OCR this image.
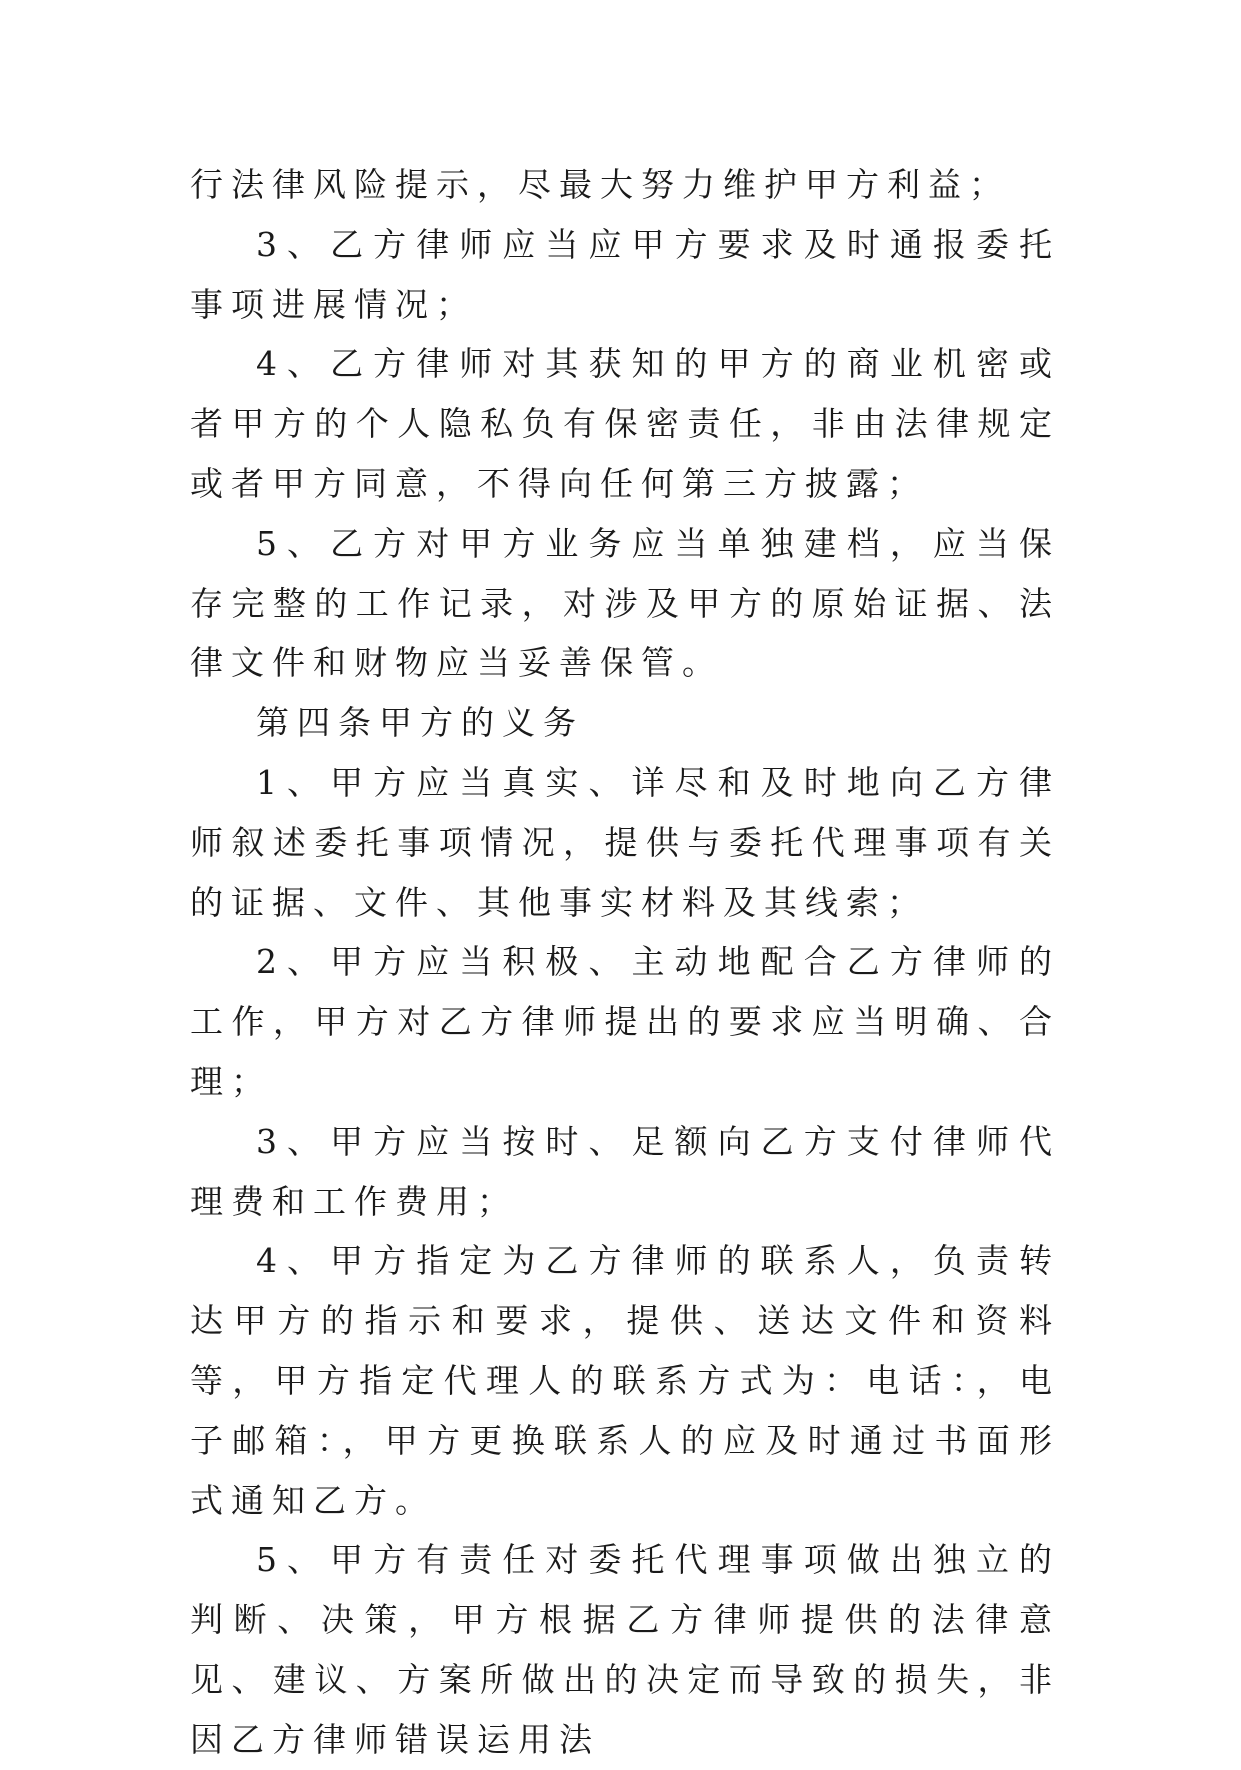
行法律风险提示，尽最大努力维护甲方利益；

3、乙方律师应当应甲方要求及时通报委托事项进展情况；

4、乙方律师对其获知的甲方的商业机密或者甲方的个人隐私负有保密责任，非由法律规定或者甲方同意，不得向任何第三方披露；

5、乙方对甲方业务应当单独建档，应当保存完整的工作记录，对涉及甲方的原始证据、法律文件和财物应当妥善保管。

第四条甲方的义务

1、甲方应当真实、详尽和及时地向乙方律师叙述委托事项情况，提供与委托代理事项有关的证据、文件、其他事实材料及其线索；

2、甲方应当积极、主动地配合乙方律师的工作，甲方对乙方律师提出的要求应当明确、合理；

3、甲方应当按时、足额向乙方支付律师代理费和工作费用；

4、甲方指定为乙方律师的联系人，负责转达甲方的指示和要求，提供、送达文件和资料等，甲方指定代理人的联系方式为：电话：，电子邮箱：，甲方更换联系人的应及时通过书面形式通知乙方。

5、甲方有责任对委托代理事项做出独立的判断、决策，甲方根据乙方律师提供的法律意见、建议、方案所做出的决定而导致的损失，非因乙方律师错误运用法
